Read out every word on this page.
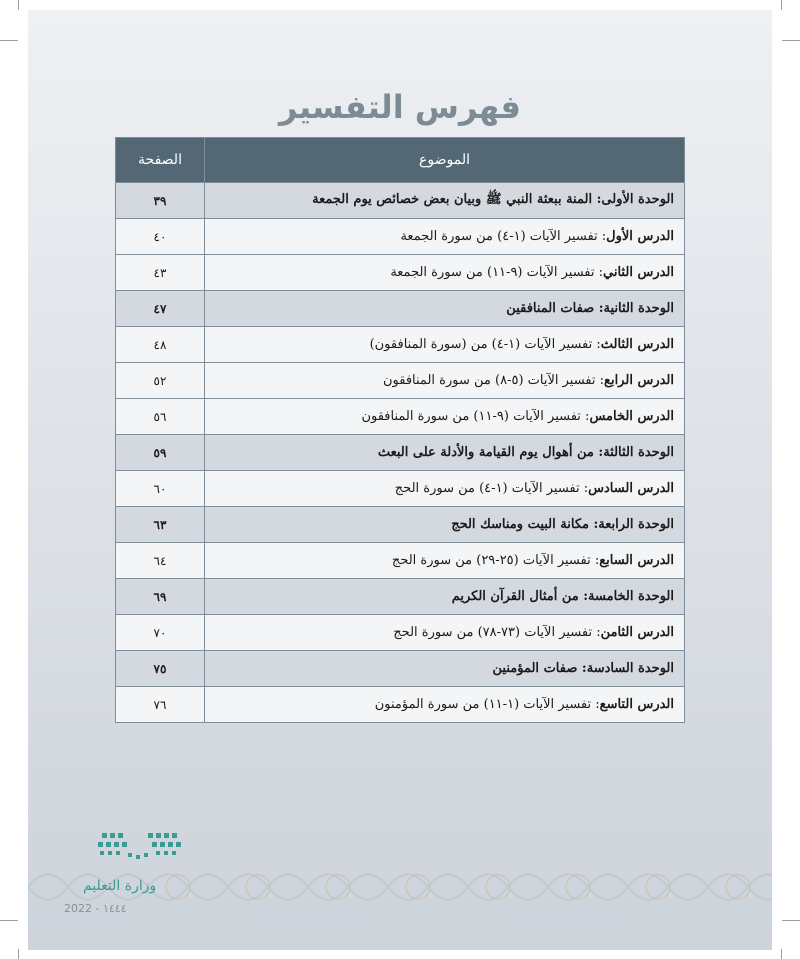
فهرس التفسير
الموضوع	الصفحة
الوحدة الأولى: المنة ببعثة النبي ﷺ وبيان بعض خصائص يوم الجمعة	٣٩
الدرس الأول: تفسير الآيات (١-٤) من سورة الجمعة	٤٠
الدرس الثاني: تفسير الآيات (٩-١١) من سورة الجمعة	٤٣
الوحدة الثانية: صفات المنافقين	٤٧
الدرس الثالث: تفسير الآيات (١-٤) من (سورة المنافقون)	٤٨
الدرس الرابع: تفسير الآيات (٥-٨) من سورة المنافقون	٥٢
الدرس الخامس: تفسير الآيات (٩-١١) من سورة المنافقون	٥٦
الوحدة الثالثة: من أهوال يوم القيامة والأدلة على البعث	٥٩
الدرس السادس: تفسير الآيات (١-٤) من سورة الحج	٦٠
الوحدة الرابعة: مكانة البيت ومناسك الحج	٦٣
الدرس السابع: تفسير الآيات (٢٥-٢٩) من سورة الحج	٦٤
الوحدة الخامسة: من أمثال القرآن الكريم	٦٩
الدرس الثامن: تفسير الآيات (٧٣-٧٨) من سورة الحج	٧٠
الوحدة السادسة: صفات المؤمنين	٧٥
الدرس التاسع: تفسير الآيات (١-١١) من سورة المؤمنون	٧٦
وزارة التعليم
2022 - ١٤٤٤
